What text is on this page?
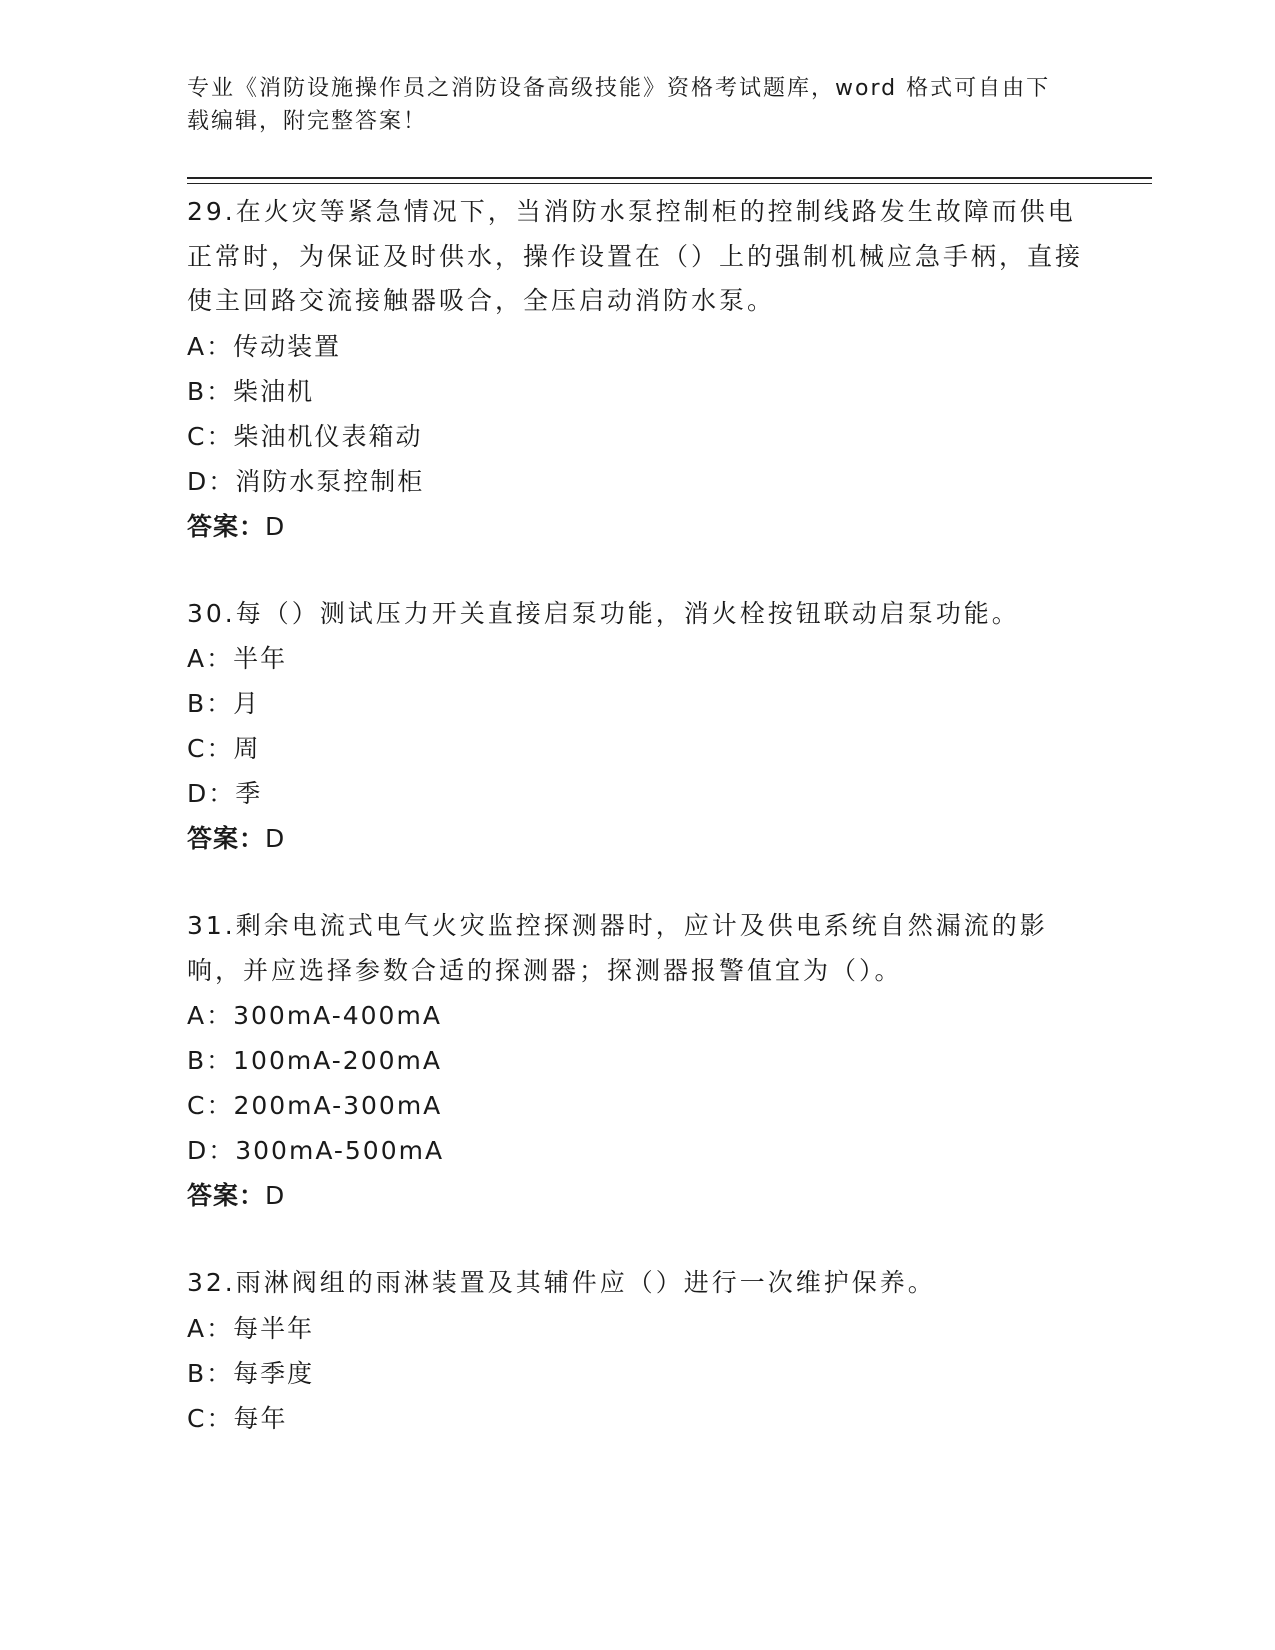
专业《消防设施操作员之消防设备高级技能》资格考试题库，word 格式可自由下载编辑，附完整答案！

29.在火灾等紧急情况下，当消防水泵控制柜的控制线路发生故障而供电正常时，为保证及时供水，操作设置在（）上的强制机械应急手柄，直接使主回路交流接触器吸合，全压启动消防水泵。

A：传动装置

B：柴油机

C：柴油机仪表箱动

D：消防水泵控制柜

答案：D

30.每（）测试压力开关直接启泵功能，消火栓按钮联动启泵功能。

A：半年

B：月

C：周

D：季

答案：D

31.剩余电流式电气火灾监控探测器时，应计及供电系统自然漏流的影响，并应选择参数合适的探测器；探测器报警值宜为（）。

A：300mA-400mA

B：100mA-200mA

C：200mA-300mA

D：300mA-500mA

答案：D

32.雨淋阀组的雨淋装置及其辅件应（）进行一次维护保养。

A：每半年

B：每季度

C：每年
